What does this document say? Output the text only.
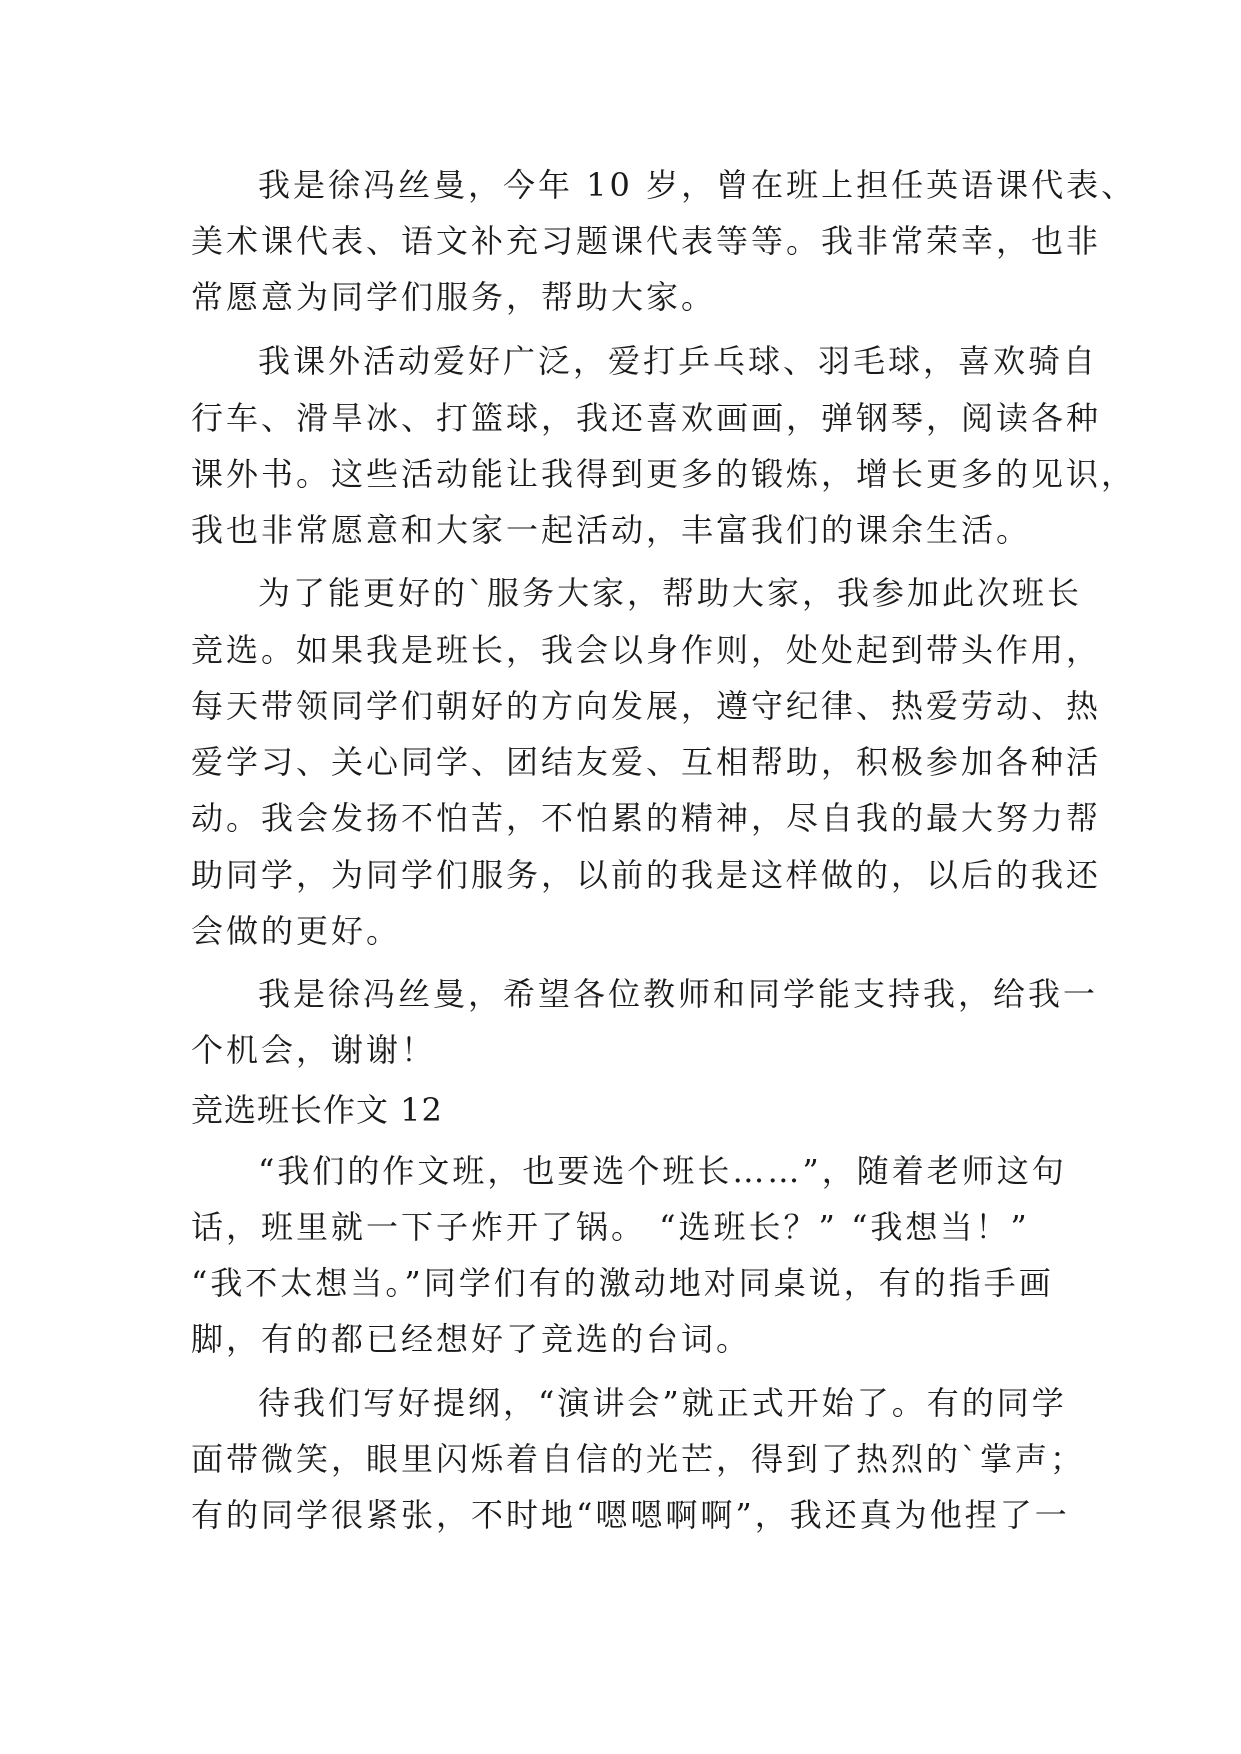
我是徐冯丝曼，今年 10 岁，曾在班上担任英语课代表、
美术课代表、语文补充习题课代表等等。我非常荣幸，也非
常愿意为同学们服务，帮助大家。
我课外活动爱好广泛，爱打乒乓球、羽毛球，喜欢骑自
行车、滑旱冰、打篮球，我还喜欢画画，弹钢琴，阅读各种
课外书。这些活动能让我得到更多的锻炼，增长更多的见识，
我也非常愿意和大家一起活动，丰富我们的课余生活。
为了能更好的`服务大家，帮助大家，我参加此次班长
竞选。如果我是班长，我会以身作则，处处起到带头作用，
每天带领同学们朝好的方向发展，遵守纪律、热爱劳动、热
爱学习、关心同学、团结友爱、互相帮助，积极参加各种活
动。我会发扬不怕苦，不怕累的精神，尽自我的最大努力帮
助同学，为同学们服务，以前的我是这样做的，以后的我还
会做的更好。
我是徐冯丝曼，希望各位教师和同学能支持我，给我一
个机会，谢谢！
竞选班长作文 12
“我们的作文班，也要选个班长……”，随着老师这句
话，班里就一下子炸开了锅。 “选班长？” “我想当！”
“我不太想当。”同学们有的激动地对同桌说，有的指手画
脚，有的都已经想好了竞选的台词。
待我们写好提纲，“演讲会”就正式开始了。有的同学
面带微笑，眼里闪烁着自信的光芒，得到了热烈的`掌声；
有的同学很紧张，不时地“嗯嗯啊啊”，我还真为他捏了一
